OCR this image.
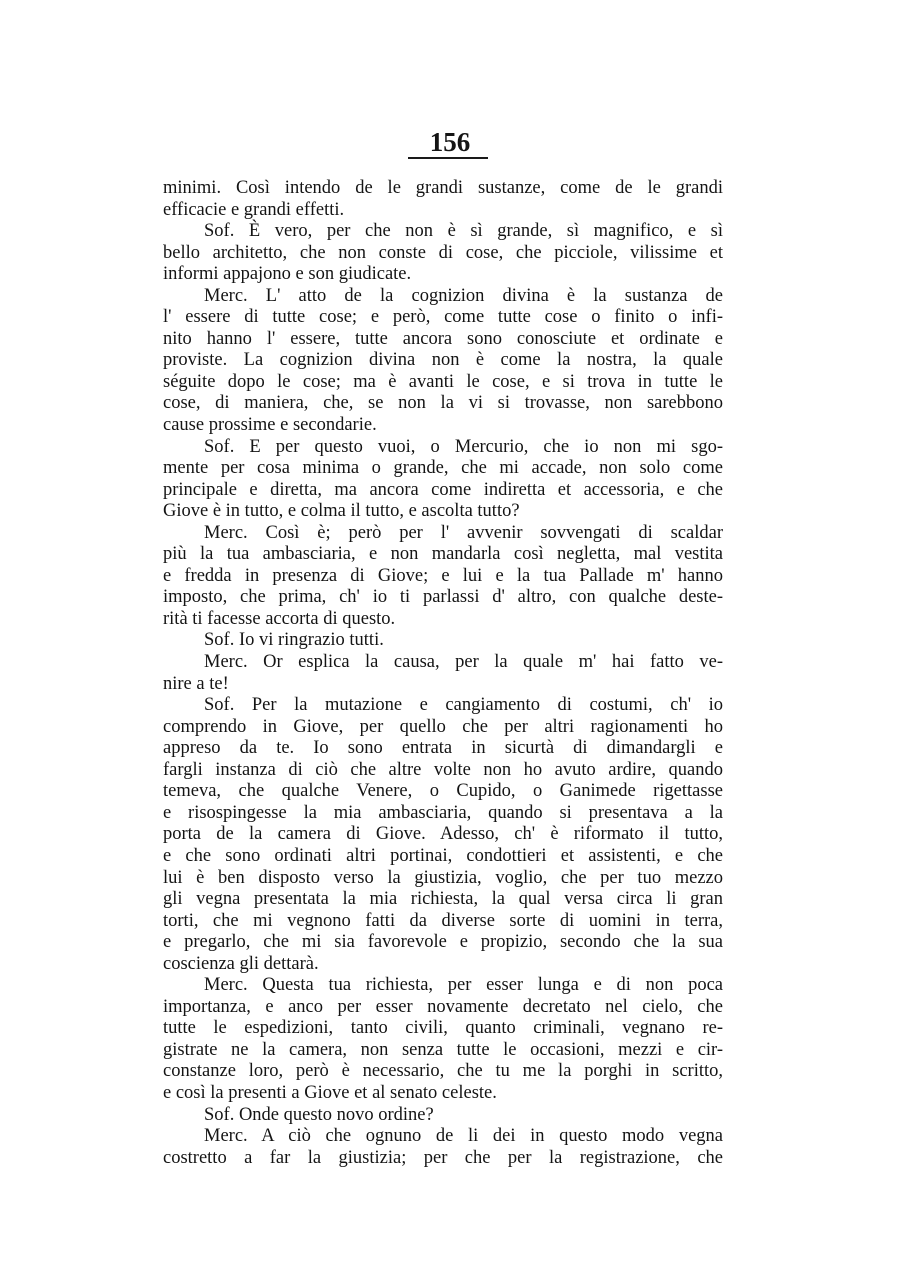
156
minimi. Così intendo de le grandi sustanze, come de le grandi
efficacie e grandi effetti.
Sof. È vero, per che non è sì grande, sì magnifico, e sì
bello architetto, che non conste di cose, che picciole, vilissime et
informi appajono e son giudicate.
Merc. L' atto de la cognizion divina è la sustanza de
l' essere di tutte cose; e però, come tutte cose o finito o infi-
nito hanno l' essere, tutte ancora sono conosciute et ordinate e
proviste. La cognizion divina non è come la nostra, la quale
séguite dopo le cose; ma è avanti le cose, e si trova in tutte le
cose, di maniera, che, se non la vi si trovasse, non sarebbono
cause prossime e secondarie.
Sof. E per questo vuoi, o Mercurio, che io non mi sgo-
mente per cosa minima o grande, che mi accade, non solo come
principale e diretta, ma ancora come indiretta et accessoria, e che
Giove è in tutto, e colma il tutto, e ascolta tutto?
Merc. Così è; però per l' avvenir sovvengati di scaldar
più la tua ambasciaria, e non mandarla così negletta, mal vestita
e fredda in presenza di Giove; e lui e la tua Pallade m' hanno
imposto, che prima, ch' io ti parlassi d' altro, con qualche deste-
rità ti facesse accorta di questo.
Sof. Io vi ringrazio tutti.
Merc. Or esplica la causa, per la quale m' hai fatto ve-
nire a te!
Sof. Per la mutazione e cangiamento di costumi, ch' io
comprendo in Giove, per quello che per altri ragionamenti ho
appreso da te. Io sono entrata in sicurtà di dimandargli e
fargli instanza di ciò che altre volte non ho avuto ardire, quando
temeva, che qualche Venere, o Cupido, o Ganimede rigettasse
e risospingesse la mia ambasciaria, quando si presentava a la
porta de la camera di Giove. Adesso, ch' è riformato il tutto,
e che sono ordinati altri portinai, condottieri et assistenti, e che
lui è ben disposto verso la giustizia, voglio, che per tuo mezzo
gli vegna presentata la mia richiesta, la qual versa circa li gran
torti, che mi vegnono fatti da diverse sorte di uomini in terra,
e pregarlo, che mi sia favorevole e propizio, secondo che la sua
coscienza gli dettarà.
Merc. Questa tua richiesta, per esser lunga e di non poca
importanza, e anco per esser novamente decretato nel cielo, che
tutte le espedizioni, tanto civili, quanto criminali, vegnano re-
gistrate ne la camera, non senza tutte le occasioni, mezzi e cir-
constanze loro, però è necessario, che tu me la porghi in scritto,
e così la presenti a Giove et al senato celeste.
Sof. Onde questo novo ordine?
Merc. A ciò che ognuno de li dei in questo modo vegna
costretto a far la giustizia; per che per la registrazione, che
